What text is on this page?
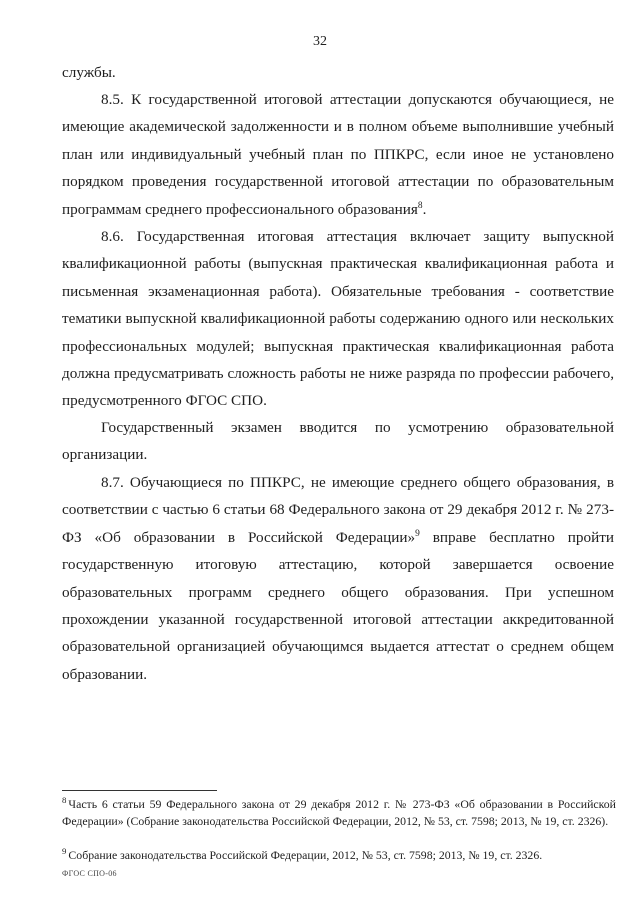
32

службы.

8.5. К государственной итоговой аттестации допускаются обучающиеся, не имеющие академической задолженности и в полном объеме выполнившие учебный план или индивидуальный учебный план по ППКРС, если иное не установлено порядком проведения государственной итоговой аттестации по образовательным программам среднего профессионального образования$^8$.

8.6. Государственная итоговая аттестация включает защиту выпускной квалификационной работы (выпускная практическая квалификационная работа и письменная экзаменационная работа). Обязательные требования - соответствие тематики выпускной квалификационной работы содержанию одного или нескольких профессиональных модулей; выпускная практическая квалификационная работа должна предусматривать сложность работы не ниже разряда по профессии рабочего, предусмотренного ФГОС СПО.

Государственный экзамен вводится по усмотрению образовательной организации.

8.7. Обучающиеся по ППКРС, не имеющие среднего общего образования, в соответствии с частью 6 статьи 68 Федерального закона от 29 декабря 2012 г. № 273-ФЗ «Об образовании в Российской Федерации»$^9$ вправе бесплатно пройти государственную итоговую аттестацию, которой завершается освоение образовательных программ среднего общего образования. При успешном прохождении указанной государственной итоговой аттестации аккредитованной образовательной организацией обучающимся выдается аттестат о среднем общем образовании.

$^8$ Часть 6 статьи 59 Федерального закона от 29 декабря 2012 г. № 273-ФЗ «Об образовании в Российской Федерации» (Собрание законодательства Российской Федерации, 2012, № 53, ст. 7598; 2013, № 19, ст. 2326).

$^9$ Собрание законодательства Российской Федерации, 2012, № 53, ст. 7598; 2013, № 19, ст. 2326.

ФГОС СПО-06
